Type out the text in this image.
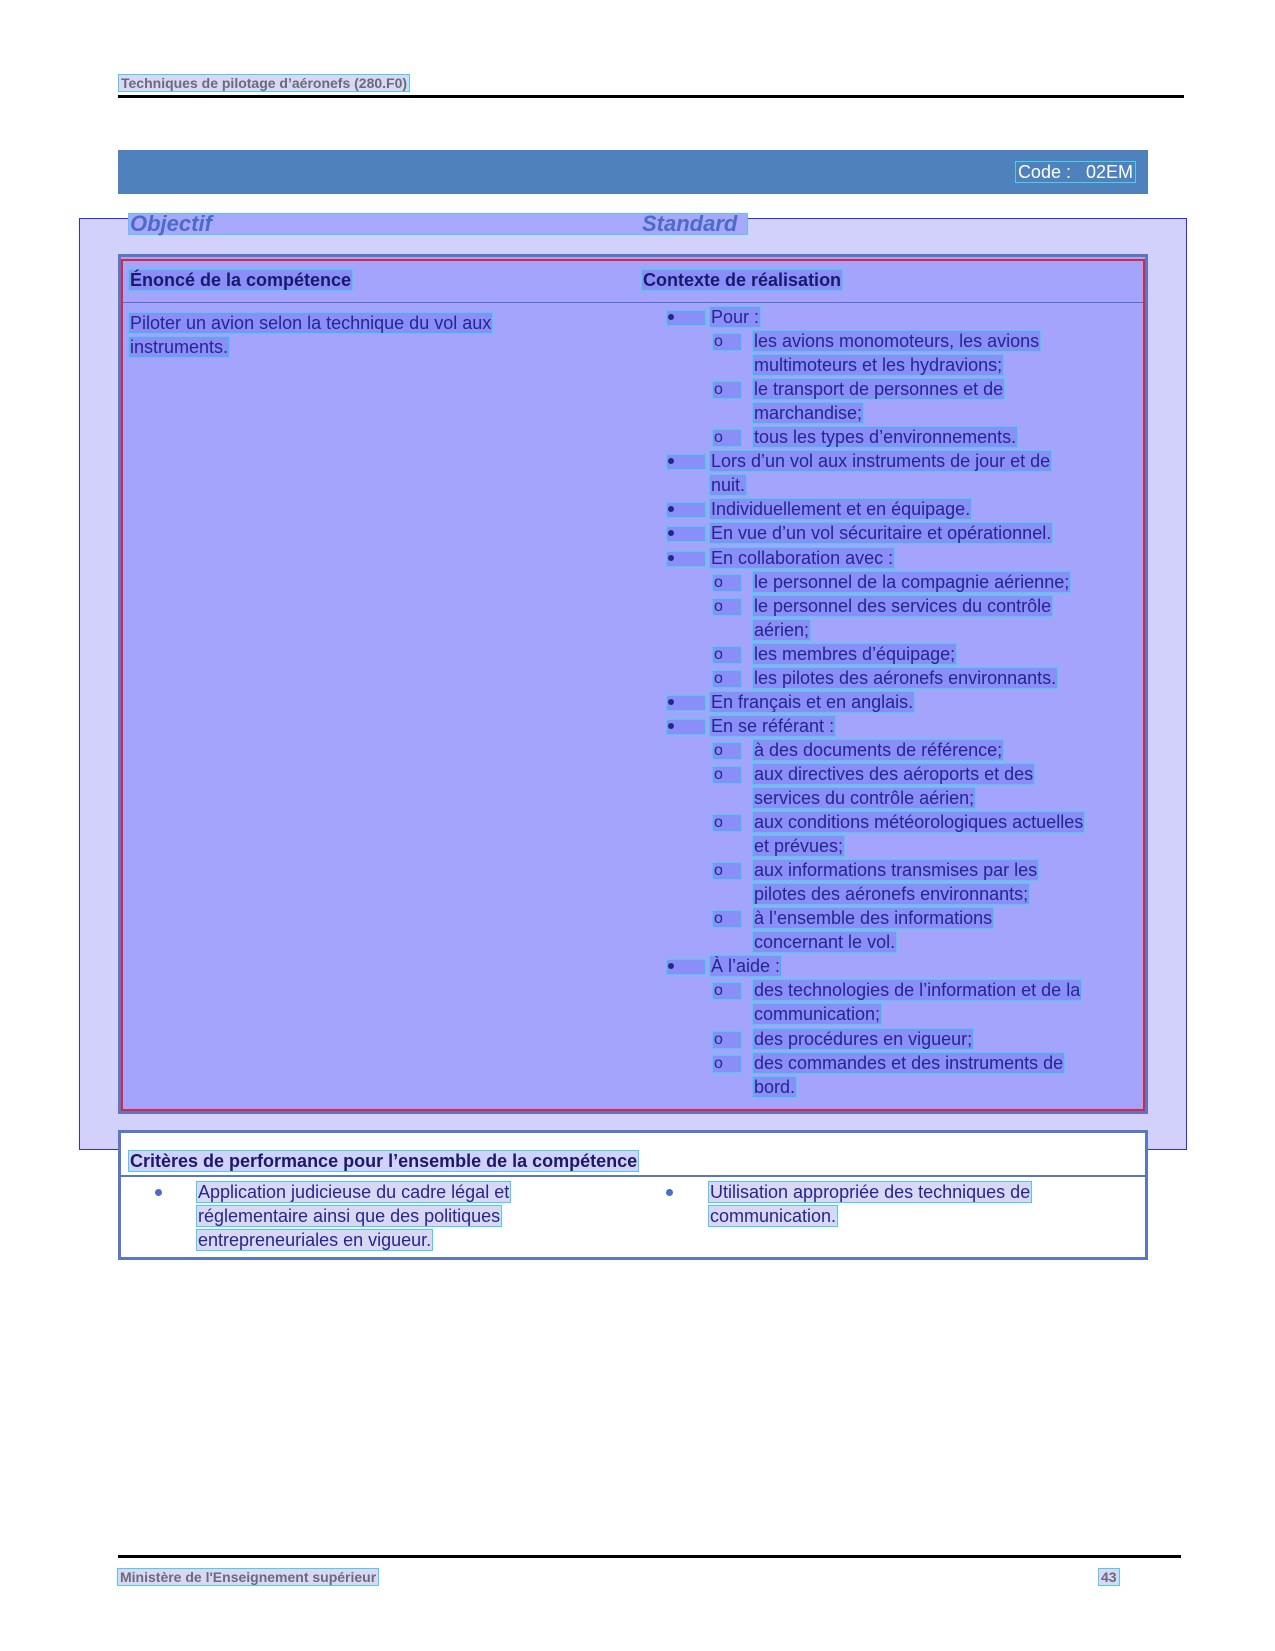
Techniques de pilotage d’aéronefs (280.F0)
Code :   02EM
Objectif	Standard
Énoncé de la compétence	Contexte de réalisation
Piloter un avion selon la technique du vol aux
instruments.
Pour :
o	les avions monomoteurs, les avions
multimoteurs et les hydravions;
o	le transport de personnes et de
marchandise;
o	tous les types d’environnements.
Lors d’un vol aux instruments de jour et de
nuit.
Individuellement et en équipage.
En vue d’un vol sécuritaire et opérationnel.
En collaboration avec :
o	le personnel de la compagnie aérienne;
o	le personnel des services du contrôle
aérien;
o	les membres d’équipage;
o	les pilotes des aéronefs environnants.
En français et en anglais.
En se référant :
o	à des documents de référence;
o	aux directives des aéroports et des
services du contrôle aérien;
o	aux conditions météorologiques actuelles
et prévues;
o	aux informations transmises par les
pilotes des aéronefs environnants;
o	à l’ensemble des informations
concernant le vol.
À l’aide :
o	des technologies de l’information et de la
communication;
o	des procédures en vigueur;
o	des commandes et des instruments de
bord.
Critères de performance pour l’ensemble de la compétence
Application judicieuse du cadre légal et
réglementaire ainsi que des politiques
entrepreneuriales en vigueur.
Utilisation appropriée des techniques de
communication.
Ministère de l'Enseignement supérieur	43
